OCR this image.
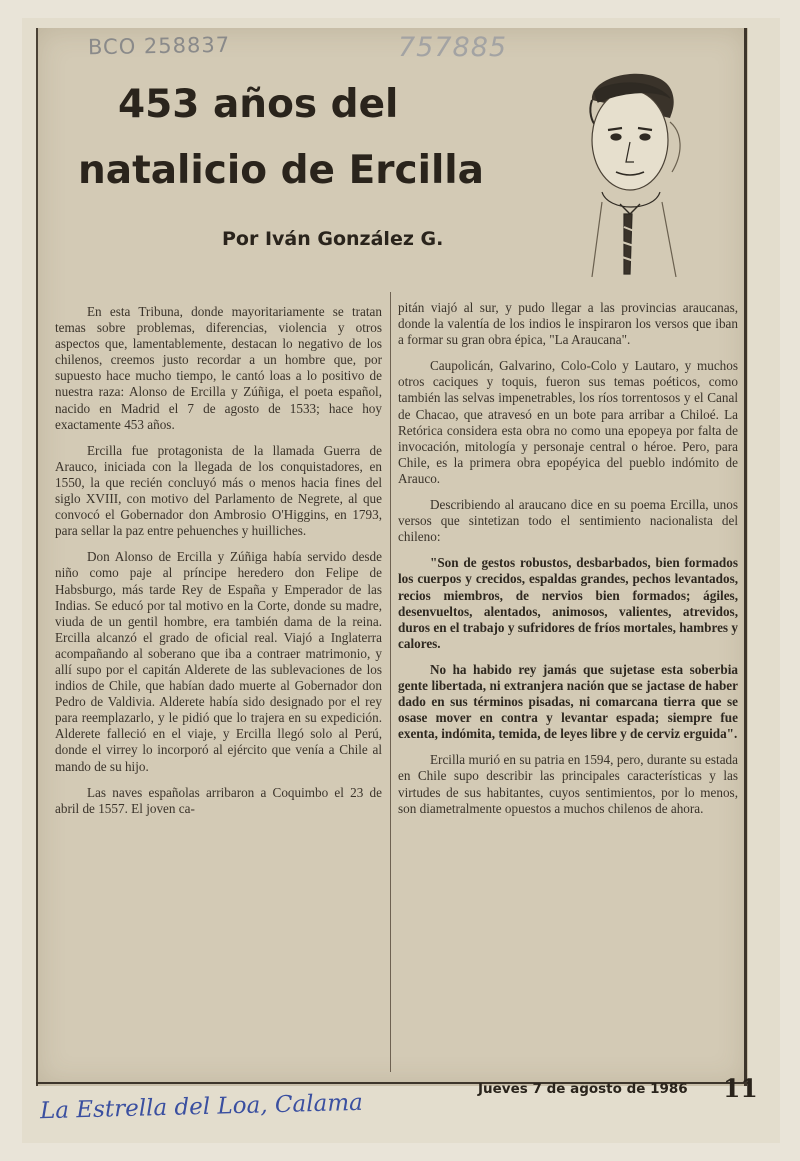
BCO 258837	757885
453 años del
natalicio de Ercilla
Por Iván González G.

En esta Tribuna, donde mayoritariamente se tratan temas sobre problemas, diferencias, violencia y otros aspectos que, lamentablemente, destacan lo negativo de los chilenos, creemos justo recordar a un hombre que, por supuesto hace mucho tiempo, le cantó loas a lo positivo de nuestra raza: Alonso de Ercilla y Zúñiga, el poeta español, nacido en Madrid el 7 de agosto de 1533; hace hoy exactamente 453 años.

Ercilla fue protagonista de la llamada Guerra de Arauco, iniciada con la llegada de los conquistadores, en 1550, la que recién concluyó más o menos hacia fines del siglo XVIII, con motivo del Parlamento de Negrete, al que convocó el Gobernador don Ambrosio O'Higgins, en 1793, para sellar la paz entre pehuenches y huilliches.

Don Alonso de Ercilla y Zúñiga había servido desde niño como paje al príncipe heredero don Felipe de Habsburgo, más tarde Rey de España y Emperador de las Indias. Se educó por tal motivo en la Corte, donde su madre, viuda de un gentil hombre, era también dama de la reina. Ercilla alcanzó el grado de oficial real. Viajó a Inglaterra acompañando al soberano que iba a contraer matrimonio, y allí supo por el capitán Alderete de las sublevaciones de los indios de Chile, que habían dado muerte al Gobernador don Pedro de Valdivia. Alderete había sido designado por el rey para reemplazarlo, y le pidió que lo trajera en su expedición. Alderete falleció en el viaje, y Ercilla llegó solo al Perú, donde el virrey lo incorporó al ejército que venía a Chile al mando de su hijo.

Las naves españolas arribaron a Coquimbo el 23 de abril de 1557. El joven ca-

pitán viajó al sur, y pudo llegar a las provincias araucanas, donde la valentía de los indios le inspiraron los versos que iban a formar su gran obra épica, "La Araucana".

Caupolicán, Galvarino, Colo-Colo y Lautaro, y muchos otros caciques y toquis, fueron sus temas poéticos, como también las selvas impenetrables, los ríos torrentosos y el Canal de Chacao, que atravesó en un bote para arribar a Chiloé. La Retórica considera esta obra no como una epopeya por falta de invocación, mitología y personaje central o héroe. Pero, para Chile, es la primera obra epopéyica del pueblo indómito de Arauco.

Describiendo al araucano dice en su poema Ercilla, unos versos que sintetizan todo el sentimiento nacionalista del chileno:

"Son de gestos robustos, desbarbados, bien formados los cuerpos y crecidos, espaldas grandes, pechos levantados, recios miembros, de nervios bien formados; ágiles, desenvueltos, alentados, animosos, valientes, atrevidos, duros en el trabajo y sufridores de fríos mortales, hambres y calores.

No ha habido rey jamás que sujetase esta soberbia gente libertada, ni extranjera nación que se jactase de haber dado en sus términos pisadas, ni comarcana tierra que se osase mover en contra y levantar espada; siempre fue exenta, indómita, temida, de leyes libre y de cerviz erguida".

Ercilla murió en su patria en 1594, pero, durante su estada en Chile supo describir las principales características y las virtudes de sus habitantes, cuyos sentimientos, por lo menos, son diametralmente opuestos a muchos chilenos de ahora.

Jueves 7 de agosto de 1986 11
La Estrella del Loa, Calama
